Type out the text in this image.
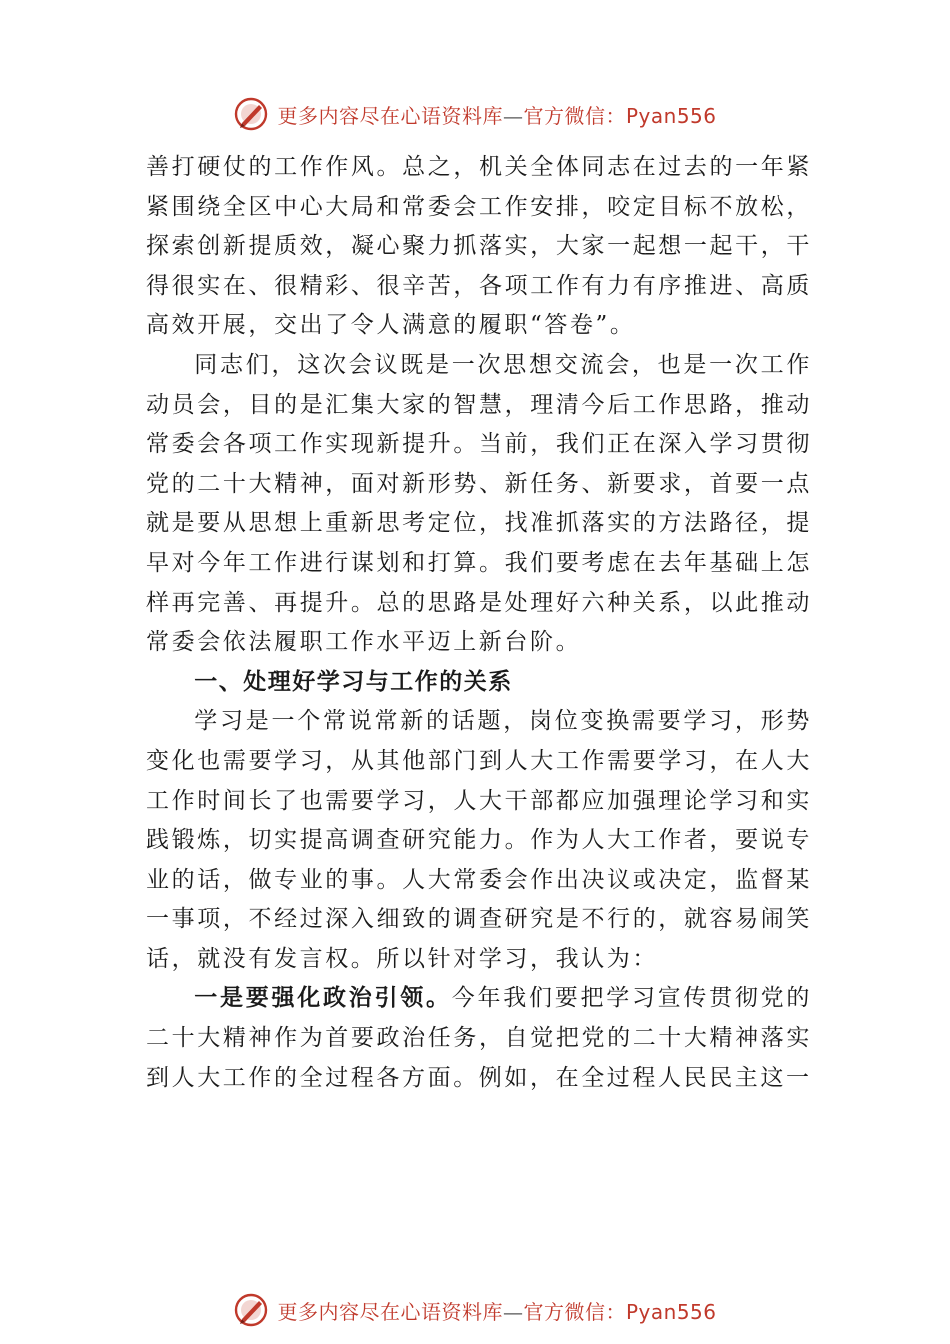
更多内容尽在心语资料库—官方微信：Pyan556

善打硬仗的工作作风。总之，机关全体同志在过去的一年紧紧围绕全区中心大局和常委会工作安排，咬定目标不放松， 探索创新提质效，凝心聚力抓落实，大家一起想一起干，干得很实在、很精彩、很辛苦，各项工作有力有序推进、高质高效开展，交出了令人满意的履职“答卷”。

同志们，这次会议既是一次思想交流会，也是一次工作动员会，目的是汇集大家的智慧，理清今后工作思路，推动常委会各项工作实现新提升。当前，我们正在深入学习贯彻党的二十大精神，面对新形势、新任务、新要求，首要一点就是要从思想上重新思考定位，找准抓落实的方法路径，提早对今年工作进行谋划和打算。我们要考虑在去年基础上怎样再完善、再提升。总的思路是处理好六种关系，以此推动常委会依法履职工作水平迈上新台阶。

一、处理好学习与工作的关系

学习是一个常说常新的话题，岗位变换需要学习，形势变化也需要学习，从其他部门到人大工作需要学习，在人大工作时间长了也需要学习，人大干部都应加强理论学习和实践锻炼，切实提高调查研究能力。作为人大工作者，要说专业的话，做专业的事。人大常委会作出决议或决定，监督某一事项，不经过深入细致的调查研究是不行的，就容易闹笑话，就没有发言权。所以针对学习，我认为：

一是要强化政治引领。今年我们要把学习宣传贯彻党的二十大精神作为首要政治任务，自觉把党的二十大精神落实到人大工作的全过程各方面。例如，在全过程人民民主这一

更多内容尽在心语资料库—官方微信：Pyan556
